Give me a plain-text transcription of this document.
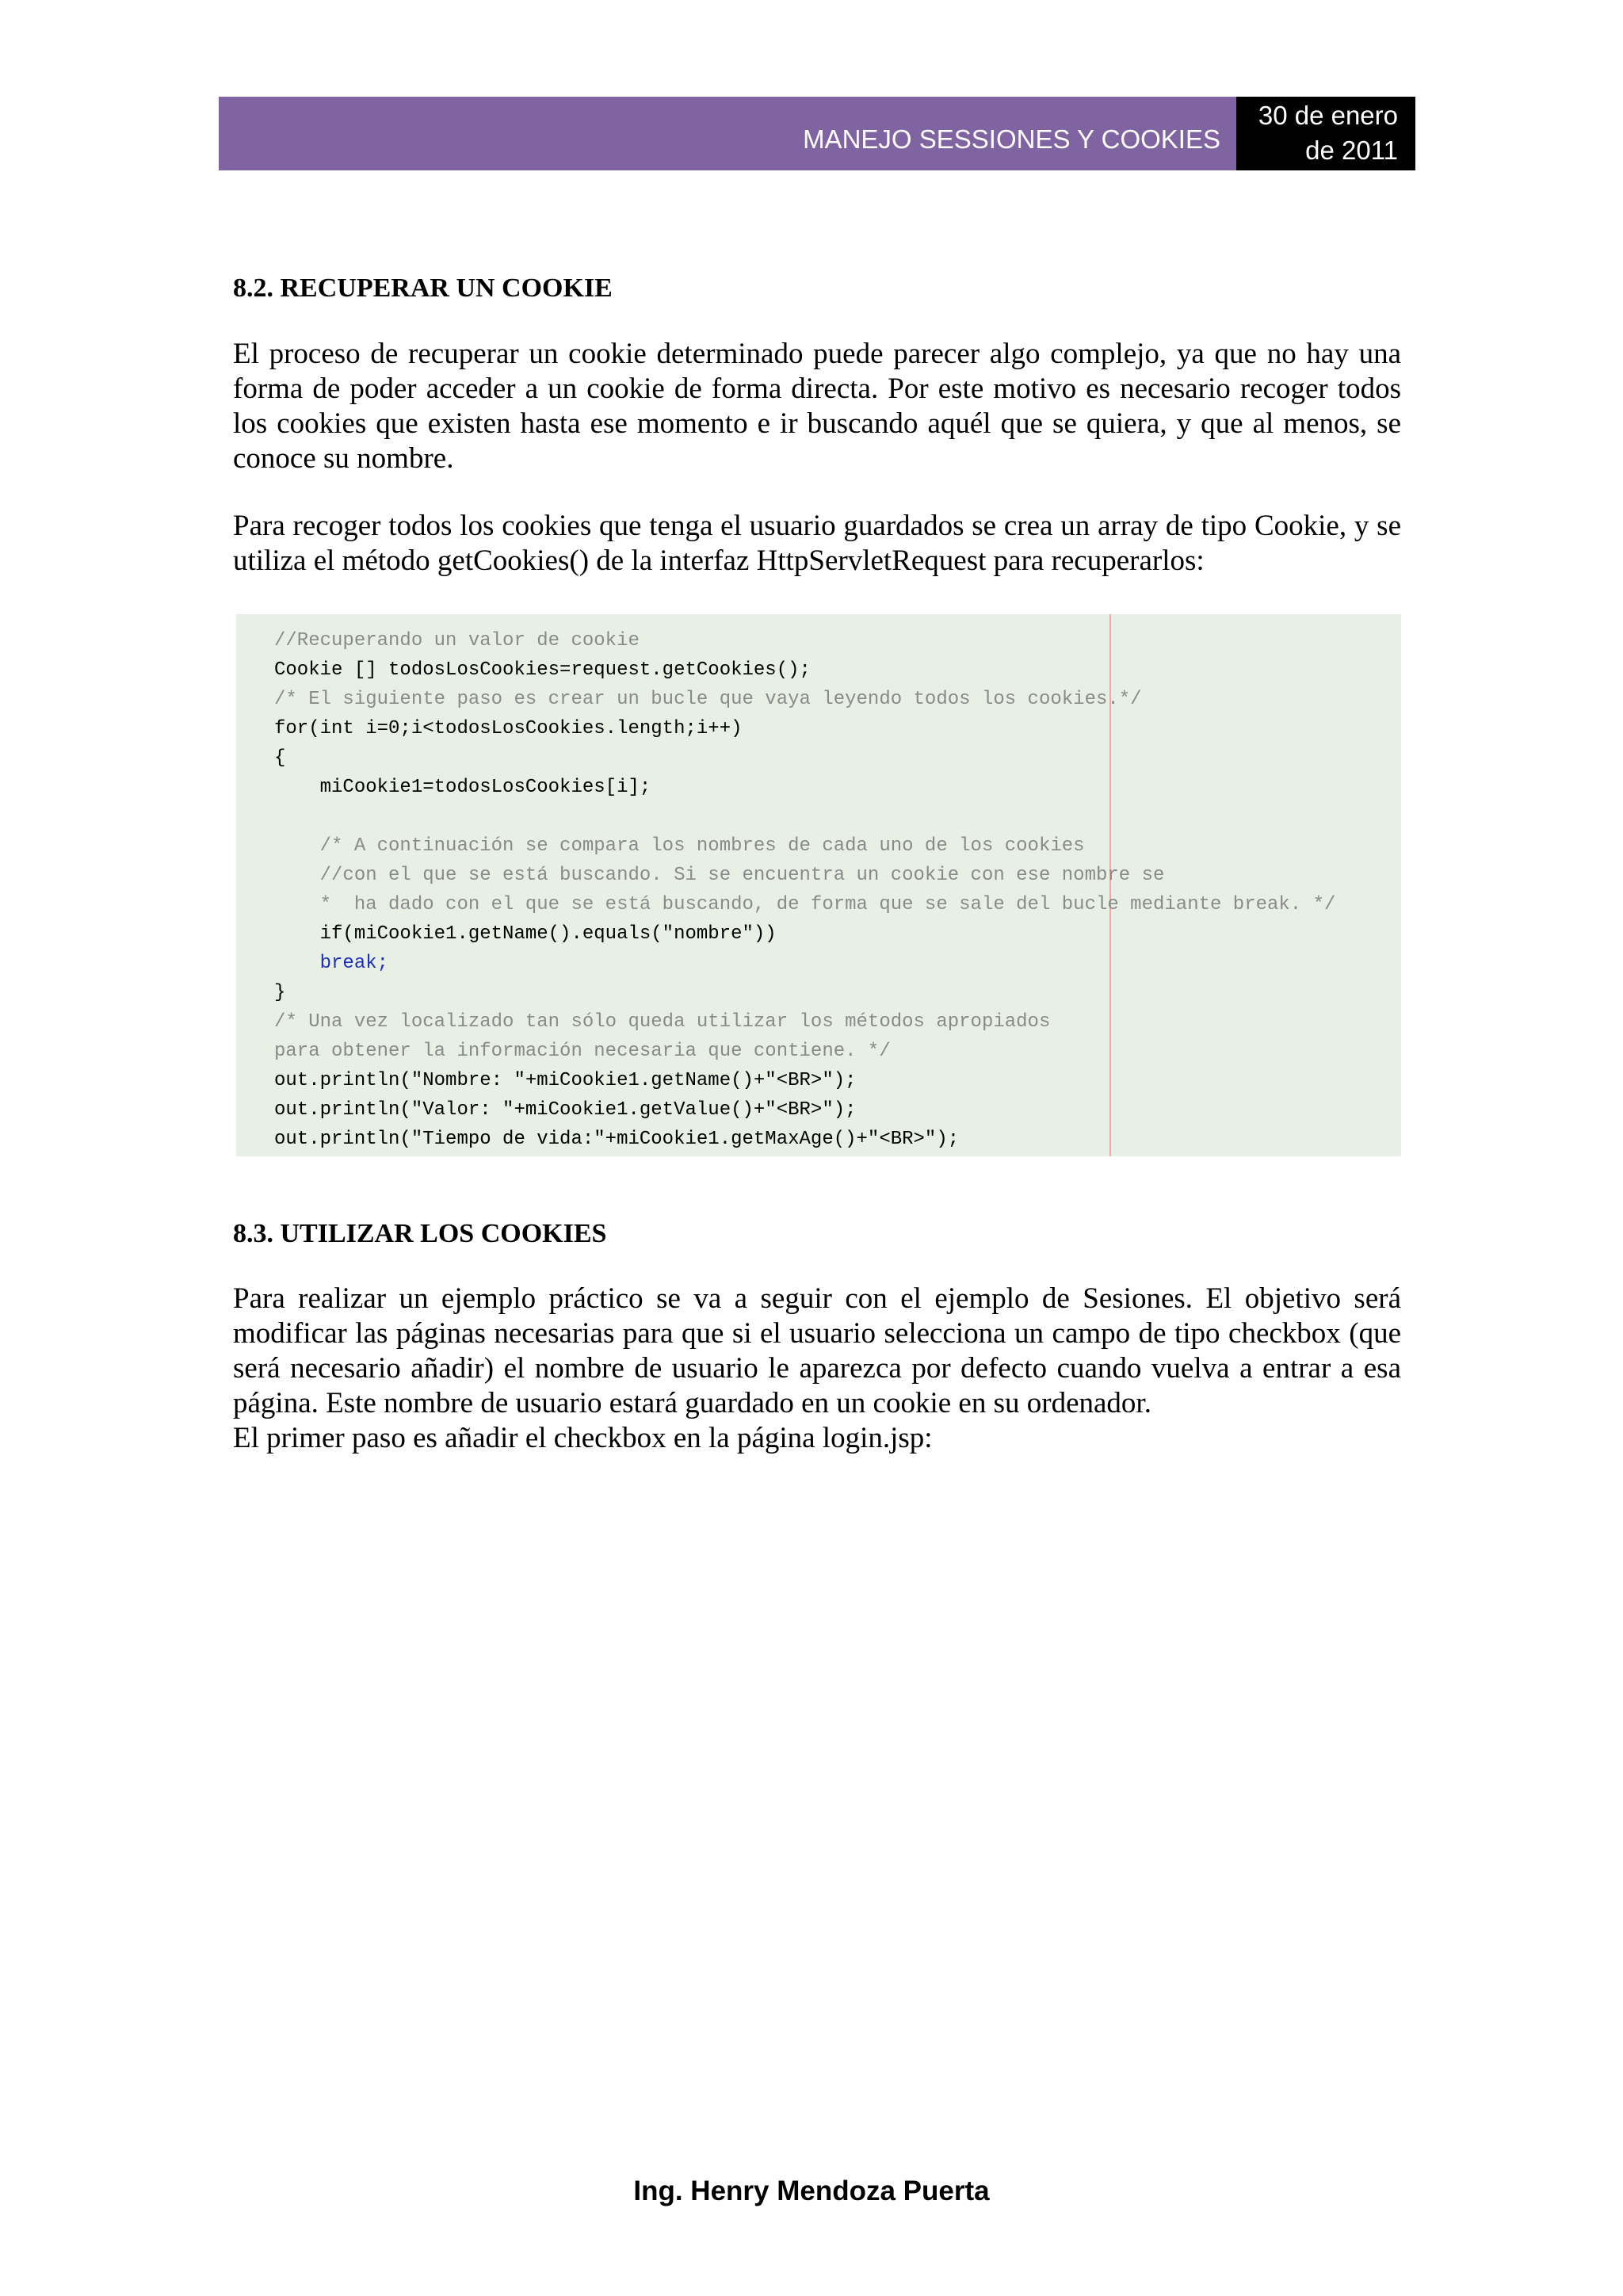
MANEJO SESSIONES Y COOKIES
30 de enero
de 2011
8.2. RECUPERAR UN COOKIE
El proceso de recuperar un cookie determinado puede parecer algo complejo, ya que no hay una forma de poder acceder a un cookie de forma directa. Por este motivo es necesario recoger todos los cookies que existen hasta ese momento e ir buscando aquél que se quiera, y que al menos, se conoce su nombre.
Para recoger todos los cookies que tenga el usuario guardados se crea un array de tipo Cookie, y se utiliza el método getCookies() de la interfaz HttpServletRequest para recuperarlos:
//Recuperando un valor de cookie
Cookie [] todosLosCookies=request.getCookies();
/* El siguiente paso es crear un bucle que vaya leyendo todos los cookies.*/
for(int i=0;i<todosLosCookies.length;i++)
{
miCookie1=todosLosCookies[i];
/* A continuación se compara los nombres de cada uno de los cookies
//con el que se está buscando. Si se encuentra un cookie con ese nombre se
*  ha dado con el que se está buscando, de forma que se sale del bucle mediante break. */
if(miCookie1.getName().equals("nombre"))
break;
}
/* Una vez localizado tan sólo queda utilizar los métodos apropiados
para obtener la información necesaria que contiene. */
out.println("Nombre: "+miCookie1.getName()+"<BR>");
out.println("Valor: "+miCookie1.getValue()+"<BR>");
out.println("Tiempo de vida:"+miCookie1.getMaxAge()+"<BR>");
8.3. UTILIZAR LOS COOKIES
Para realizar un ejemplo práctico se va a seguir con el ejemplo de Sesiones. El objetivo será modificar las páginas necesarias para que si el usuario selecciona un campo de tipo checkbox (que será necesario añadir) el nombre de usuario le aparezca por defecto cuando vuelva a entrar a esa página. Este nombre de usuario estará guardado en un cookie en su ordenador.
El primer paso es añadir el checkbox en la página login.jsp:
Ing. Henry Mendoza Puerta
